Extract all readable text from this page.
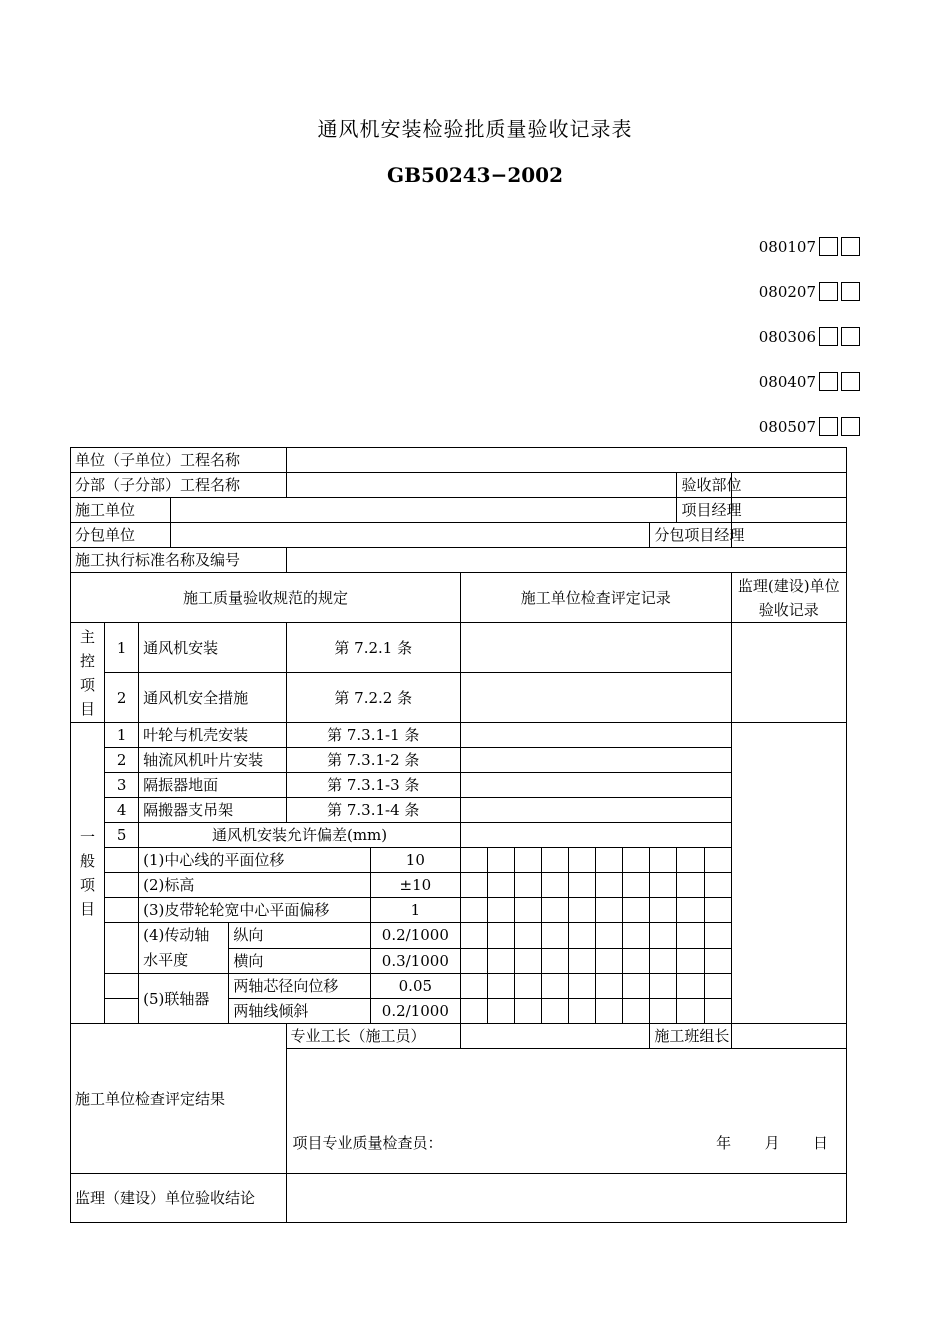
通风机安装检验批质量验收记录表
GB50243−2002
080107
080207
080306
080407
080507
单位（子单位）工程名称																	
分部（子分部）工程名称															验收部位		
施工单位															项目经理		
分包单位														分包项目经理			
施工执行标准名称及编号																	
施工质量验收规范的规定							施工单位检查评定记录										监理(建设)单位验收记录
主控项目	1	通风机安装			第 7.2.1 条												
	2	通风机安全措施			第 7.2.2 条												
一般项目	1	叶轮与机壳安装			第 7.3.1-1 条												
	2	轴流风机叶片安装			第 7.3.1-2 条												
	3	隔振器地面			第 7.3.1-3 条												
	4	隔搬器支吊架			第 7.3.1-4 条												
	5	通风机安装允许偏差(mm)															
		(1)中心线的平面位移				10											
		(2)标高				±10											
		(3)皮带轮轮宽中心平面偏移				1											
		(4)传动轴水平度		纵向		0.2/1000											
				横向		0.3/1000											
		(5)联轴器		两轴芯径向位移		0.05											
				两轴线倾斜		0.2/1000											
施工单位检查评定结果					专业工长（施工员）									施工班组长			

					项目专业质量检查员： 年 月 日												

监理（建设）单位验收结论																	
